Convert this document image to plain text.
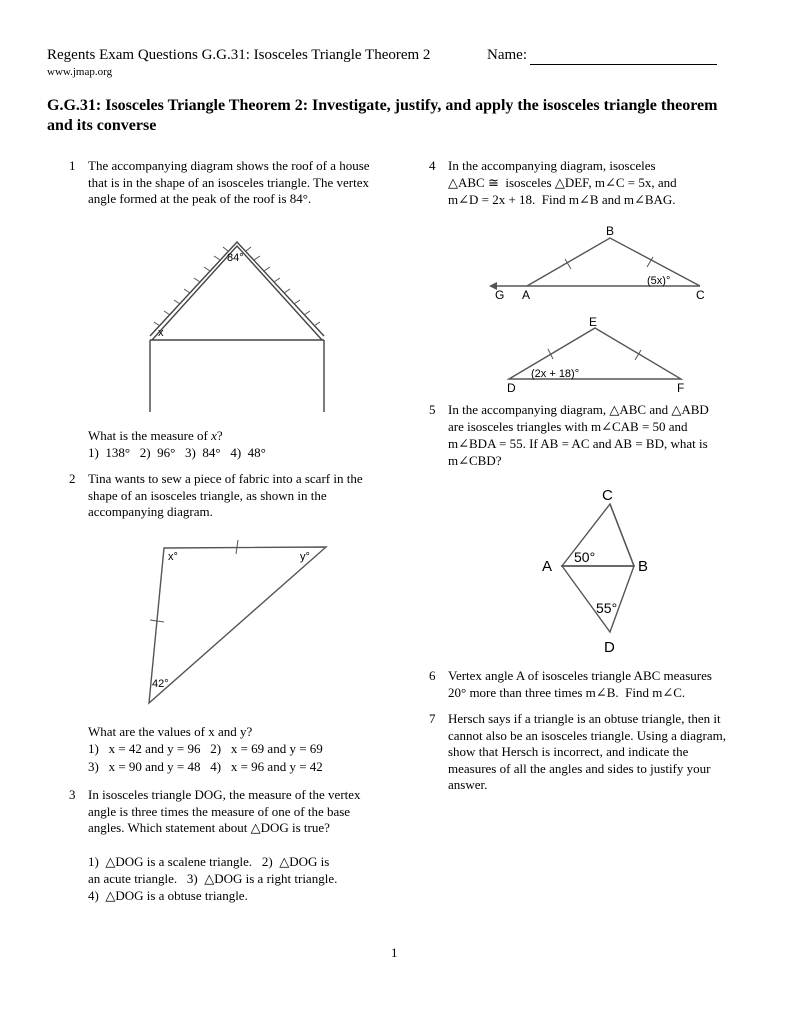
Regents Exam Questions G.G.31: Isosceles Triangle Theorem 2	Name:
www.jmap.org
G.G.31: Isosceles Triangle Theorem 2: Investigate, justify, and apply the isosceles triangle theorem and its converse
1 The accompanying diagram shows the roof of a house that is in the shape of an isosceles triangle. The vertex angle formed at the peak of the roof is 84°.
84°
x
What is the measure of x?
1)  138°   2)  96°   3)  84°   4)  48°
2 Tina wants to sew a piece of fabric into a scarf in the shape of an isosceles triangle, as shown in the accompanying diagram.
x°	y°
42°
What are the values of x and y?
1)   x = 42 and y = 96   2)   x = 69 and y = 69
3)   x = 90 and y = 48   4)   x = 96 and y = 42
3 In isosceles triangle DOG, the measure of the vertex angle is three times the measure of one of the base angles. Which statement about △DOG is true?
1)  △DOG is a scalene triangle.   2)  △DOG is
an acute triangle.   3)  △DOG is a right triangle.
4)  △DOG is a obtuse triangle.
4 In the accompanying diagram, isosceles
△ABC ≅  isosceles △DEF, m∠C = 5x, and
m∠D = 2x + 18.  Find m∠B and m∠BAG.
B
G A	C
(5x)°
E
D	F
(2x + 18)°
5 In the accompanying diagram, △ABC and △ABD
are isosceles triangles with m∠CAB = 50 and
m∠BDA = 55. If AB = AC and AB = BD, what is
m∠CBD?
C
A	B
D
50°
55°
6 Vertex angle A of isosceles triangle ABC measures
20° more than three times m∠B.  Find m∠C.
7 Hersch says if a triangle is an obtuse triangle, then it cannot also be an isosceles triangle. Using a diagram, show that Hersch is incorrect, and indicate the measures of all the angles and sides to justify your answer.
1
